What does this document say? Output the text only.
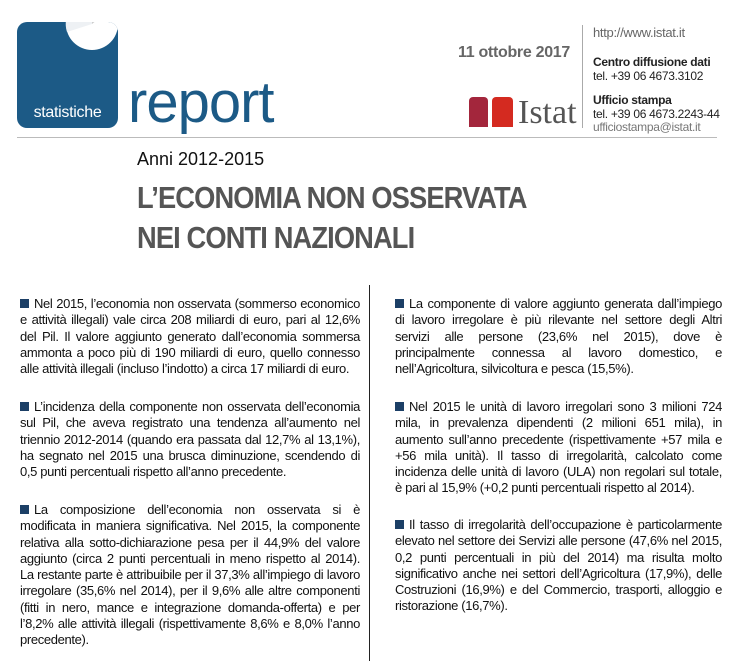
statistiche report
11 ottobre 2017
Istat
http://www.istat.it
Centro diffusione dati
tel. +39 06 4673.3102
Ufficio stampa
tel. +39 06 4673.2243-44
ufficiostampa@istat.it
Anni 2012-2015
L’ECONOMIA NON OSSERVATA
NEI CONTI NAZIONALI
Nel 2015, l’economia non osservata (sommerso economico e attività illegali) vale circa 208 miliardi di euro, pari al 12,6% del Pil. Il valore aggiunto generato dall’economia sommersa ammonta a poco più di 190 miliardi di euro, quello connesso alle attività illegali (incluso l’indotto) a circa 17 miliardi di euro.
L’incidenza della componente non osservata dell’economia sul Pil, che aveva registrato una tendenza all’aumento nel triennio 2012-2014 (quando era passata dal 12,7% al 13,1%), ha segnato nel 2015 una brusca diminuzione, scendendo di 0,5 punti percentuali rispetto all’anno precedente.
La composizione dell’economia non osservata si è modificata in maniera significativa. Nel 2015, la componente relativa alla sotto-dichiarazione pesa per il 44,9% del valore aggiunto (circa 2 punti percentuali in meno rispetto al 2014). La restante parte è attribuibile per il 37,3% all’impiego di lavoro irregolare (35,6% nel 2014), per il 9,6% alle altre componenti (fitti in nero, mance e integrazione domanda-offerta) e per l’8,2% alle attività illegali (rispettivamente 8,6% e 8,0% l’anno precedente).
La componente di valore aggiunto generata dall’impiego di lavoro irregolare è più rilevante nel settore degli Altri servizi alle persone (23,6% nel 2015), dove è principalmente connessa al lavoro domestico, e nell’Agricoltura, silvicoltura e pesca (15,5%).
Nel 2015 le unità di lavoro irregolari sono 3 milioni 724 mila, in prevalenza dipendenti (2 milioni 651 mila), in aumento sull’anno precedente (rispettivamente +57 mila e +56 mila unità). Il tasso di irregolarità, calcolato come incidenza delle unità di lavoro (ULA) non regolari sul totale, è pari al 15,9% (+0,2 punti percentuali rispetto al 2014).
Il tasso di irregolarità dell’occupazione è particolarmente elevato nel settore dei Servizi alle persone (47,6% nel 2015, 0,2 punti percentuali in più del 2014) ma risulta molto significativo anche nei settori dell’Agricoltura (17,9%), delle Costruzioni (16,9%) e del Commercio, trasporti, alloggio e ristorazione (16,7%).
